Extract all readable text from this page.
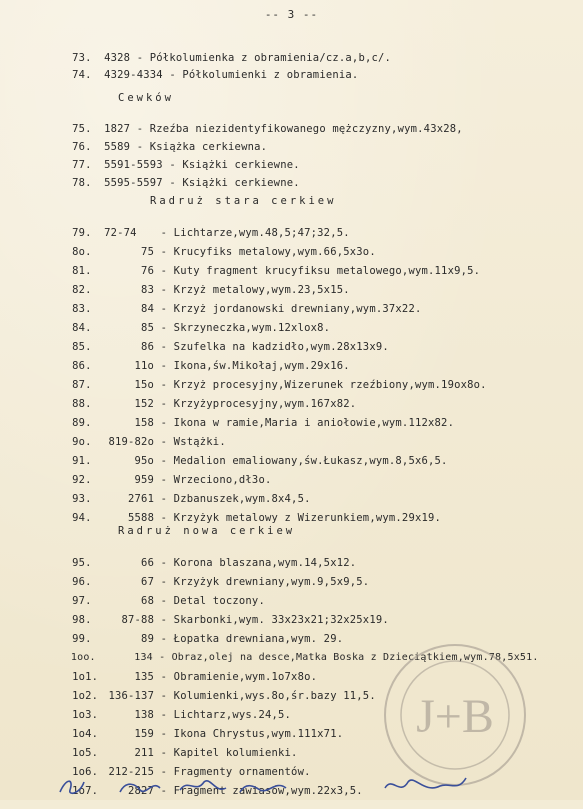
-- 3 --

73. 4328 - Półkolumienka z obramienia/cz.a,b,c/.

74. 4329-4334 - Półkolumienki z obramienia.

Cewków

75. 1827 - Rzeźba niezidentyfikowanego mężczyzny,wym.43x28,

76. 5589 - Książka cerkiewna.

77. 5591-5593 - Książki cerkiewne.

78. 5595-5597 - Książki cerkiewne.

Radruż stara cerkiew

79. 72-74 - Lichtarze,wym.48,5;47;32,5.

8o.	75 - Krucyfiks metalowy,wym.66,5x3o.

81.	76 - Kuty fragment krucyfiksu metalowego,wym.11x9,5.

82.	83 - Krzyż metalowy,wym.23,5x15.

83.	84 - Krzyż jordanowski drewniany,wym.37x22.

84.	85 - Skrzyneczka,wym.12xlox8.

85.	86 - Szufelka na kadzidło,wym.28x13x9.

86.	11o - Ikona,św.Mikołaj,wym.29x16.

87.	15o - Krzyż procesyjny,Wizerunek rzeźbiony,wym.19ox8o.

88.	152 - Krzyżyprocesyjny,wym.167x82.

89.	158 - Ikona w ramie,Maria i aniołowie,wym.112x82.

9o. 819-82o - Wstążki.

91.	95o - Medalion emaliowany,św.Łukasz,wym.8,5x6,5.

92.	959 - Wrzeciono,dł3o.

93.	2761 - Dzbanuszek,wym.8x4,5.

94.	5588 - Krzyżyk metalowy z Wizerunkiem,wym.29x19.

Radruż nowa cerkiew

95.	66 - Korona blaszana,wym.14,5x12.

96.	67 - Krzyżyk drewniany,wym.9,5x9,5.

97.	68 - Detal toczony.

98.	87-88 - Skarbonki,wym. 33x23x21;32x25x19.

99.	89 - Łopatka drewniana,wym. 29.

1oo.	134 - Obraz,olej na desce,Matka Boska z Dzieciątkiem,wym.78,5x51.

1o1.	135 - Obramienie,wym.1o7x8o.

1o2. 136-137 - Kolumienki,wys.8o,śr.bazy 11,5.

1o3.	138 - Lichtarz,wys.24,5.

1o4.	159 - Ikona Chrystus,wym.111x71.

1o5.	211 - Kapitel kolumienki.

1o6. 212-215 - Fragmenty ornamentów.

1o7.	2827 - Fragment zawiasów,wym.22x3,5.

J+B
